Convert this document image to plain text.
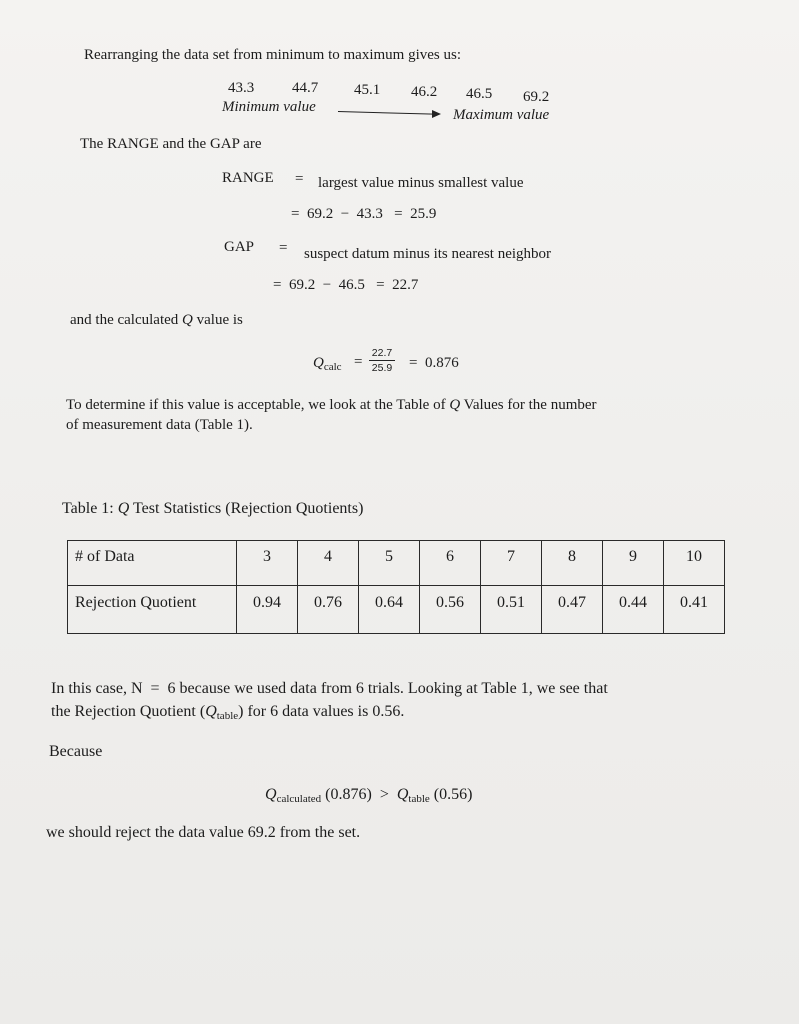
Rearranging the data set from minimum to maximum gives us:
43.3	44.7 45.1 46.2 46.5 69.2
Minimum value	Maximum value
The RANGE and the GAP are
RANGE = largest value minus smallest value
=  69.2  −  43.3   =  25.9
GAP = suspect datum minus its nearest neighbor
=  69.2  −  46.5   =  22.7
and the calculated Q value is
$Q_{calc}$ =
22.7
25.9 =  0.876
To determine if this value is acceptable, we look at the Table of Q Values for the number
of measurement data (Table 1).
Table 1: Q Test Statistics (Rejection Quotients)
# of Data	3	4	5	6	7	8	9	10

Rejection Quotient	0.94	0.76	0.64	0.56	0.51	0.47	0.44	0.41
In this case, N  =  6 because we used data from 6 trials. Looking at Table 1, we see that
the Rejection Quotient $(Q_{table})$ for 6 data values is 0.56.
Because
$Q_{calculated}$ $(0.876) > Q_{table}$ (0.56)
we should reject the data value 69.2 from the set.
